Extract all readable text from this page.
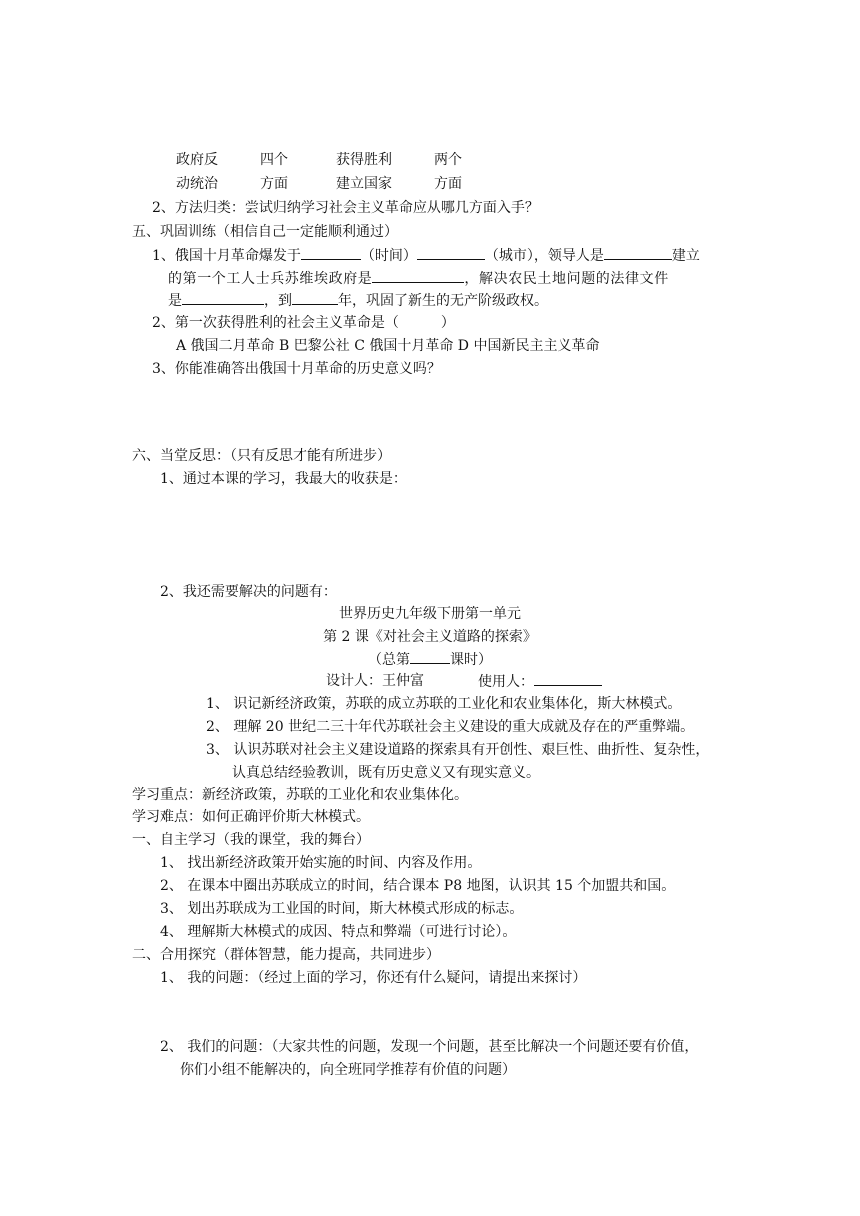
政府反	四个	获得胜利	两个
动统治	方面	建立国家	方面
2、方法归类：尝试归纳学习社会主义革命应从哪几方面入手？
五、巩固训练（相信自己一定能顺利通过）
1、俄国十月革命爆发于	（时间）	（城市），领导人是	建立
的第一个工人士兵苏维埃政府是	，解决农民土地问题的法律文件
是	，到	年，巩固了新生的无产阶级政权。
2、第一次获得胜利的社会主义革命是（　　　）
A 俄国二月革命 B 巴黎公社 C 俄国十月革命 D 中国新民主主义革命
3、你能准确答出俄国十月革命的历史意义吗？
六、当堂反思：（只有反思才能有所进步）
1、通过本课的学习，我最大的收获是：
2、我还需要解决的问题有：
世界历史九年级下册第一单元
第 2 课《对社会主义道路的探索》
（总第	课时）
设计人：王仲富	使用人：
1、 识记新经济政策，苏联的成立苏联的工业化和农业集体化，斯大林模式。
2、 理解 20 世纪二三十年代苏联社会主义建设的重大成就及存在的严重弊端。
3、 认识苏联对社会主义建设道路的探索具有开创性、艰巨性、曲折性、复杂性，
认真总结经验教训，既有历史意义又有现实意义。
学习重点：新经济政策，苏联的工业化和农业集体化。
学习难点：如何正确评价斯大林模式。
一、自主学习（我的课堂，我的舞台）
1、 找出新经济政策开始实施的时间、内容及作用。
2、 在课本中圈出苏联成立的时间，结合课本 P8 地图，认识其 15 个加盟共和国。
3、 划出苏联成为工业国的时间，斯大林模式形成的标志。
4、 理解斯大林模式的成因、特点和弊端（可进行讨论）。
二、合用探究（群体智慧，能力提高，共同进步）
1、 我的问题：（经过上面的学习，你还有什么疑问，请提出来探讨）
2、 我们的问题：（大家共性的问题，发现一个问题，甚至比解决一个问题还要有价值，
你们小组不能解决的，向全班同学推荐有价值的问题）
